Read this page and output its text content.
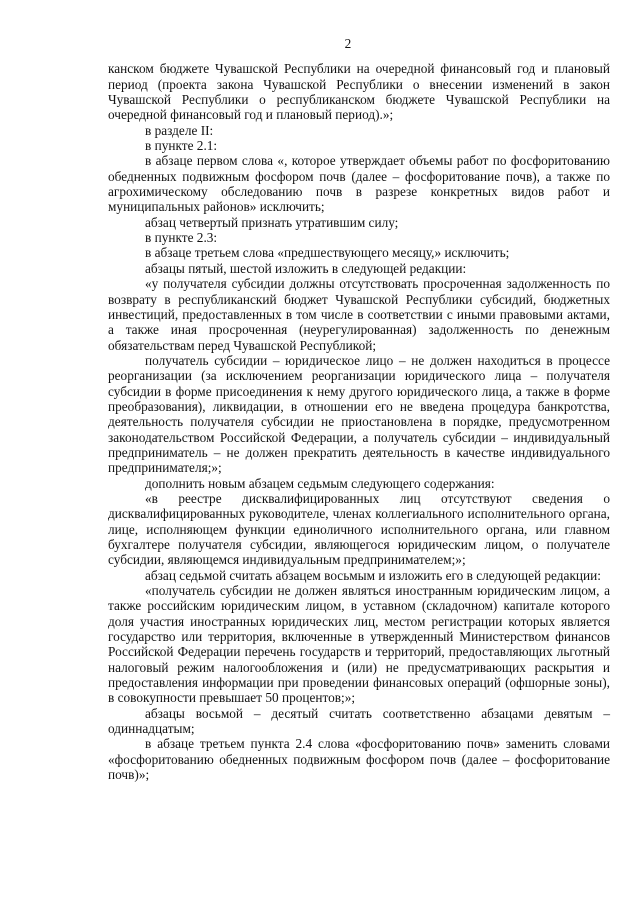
2

канском бюджете Чувашской Республики на очередной финансовый год и плановый период (проекта закона Чувашской Республики о внесении изменений в закон Чувашской Республики о республиканском бюджете Чувашской Республики на очередной финансовый год и плановый период).»;

в разделе II:

в пункте 2.1:

в абзаце первом слова «, которое утверждает объемы работ по фосфоритованию обедненных подвижным фосфором почв (далее – фосфоритование почв), а также по агрохимическому обследованию почв в разрезе конкретных видов работ и муниципальных районов» исключить;

абзац четвертый признать утратившим силу;

в пункте 2.3:

в абзаце третьем слова «предшествующего месяцу,» исключить;

абзацы пятый, шестой изложить в следующей редакции:

«у получателя субсидии должны отсутствовать просроченная задолженность по возврату в республиканский бюджет Чувашской Республики субсидий, бюджетных инвестиций, предоставленных в том числе в соответствии с иными правовыми актами, а также иная просроченная (неурегулированная) задолженность по денежным обязательствам перед Чувашской Республикой;

получатель субсидии – юридическое лицо – не должен находиться в процессе реорганизации (за исключением реорганизации юридического лица – получателя субсидии в форме присоединения к нему другого юридического лица, а также в форме преобразования), ликвидации, в отношении его не введена процедура банкротства, деятельность получателя субсидии не приостановлена в порядке, предусмотренном законодательством Российской Федерации, а получатель субсидии – индивидуальный предприниматель – не должен прекратить деятельность в качестве индивидуального предпринимателя;»;

дополнить новым абзацем седьмым следующего содержания:

«в реестре дисквалифицированных лиц отсутствуют сведения о дисквалифицированных руководителе, членах коллегиального исполнительного органа, лице, исполняющем функции единоличного исполнительного органа, или главном бухгалтере получателя субсидии, являющегося юридическим лицом, о получателе субсидии, являющемся индивидуальным предпринимателем;»;

абзац седьмой считать абзацем восьмым и изложить его в следующей редакции:

«получатель субсидии не должен являться иностранным юридическим лицом, а также российским юридическим лицом, в уставном (складочном) капитале которого доля участия иностранных юридических лиц, местом регистрации которых является государство или территория, включенные в утвержденный Министерством финансов Российской Федерации перечень государств и территорий, предоставляющих льготный налоговый режим налогообложения и (или) не предусматривающих раскрытия и предоставления информации при проведении финансовых операций (офшорные зоны), в совокупности превышает 50 процентов;»;

абзацы восьмой – десятый считать соответственно абзацами девятым – одиннадцатым;

в абзаце третьем пункта 2.4 слова «фосфоритованию почв» заменить словами «фосфоритованию обедненных подвижным фосфором почв (далее – фосфоритование почв)»;
